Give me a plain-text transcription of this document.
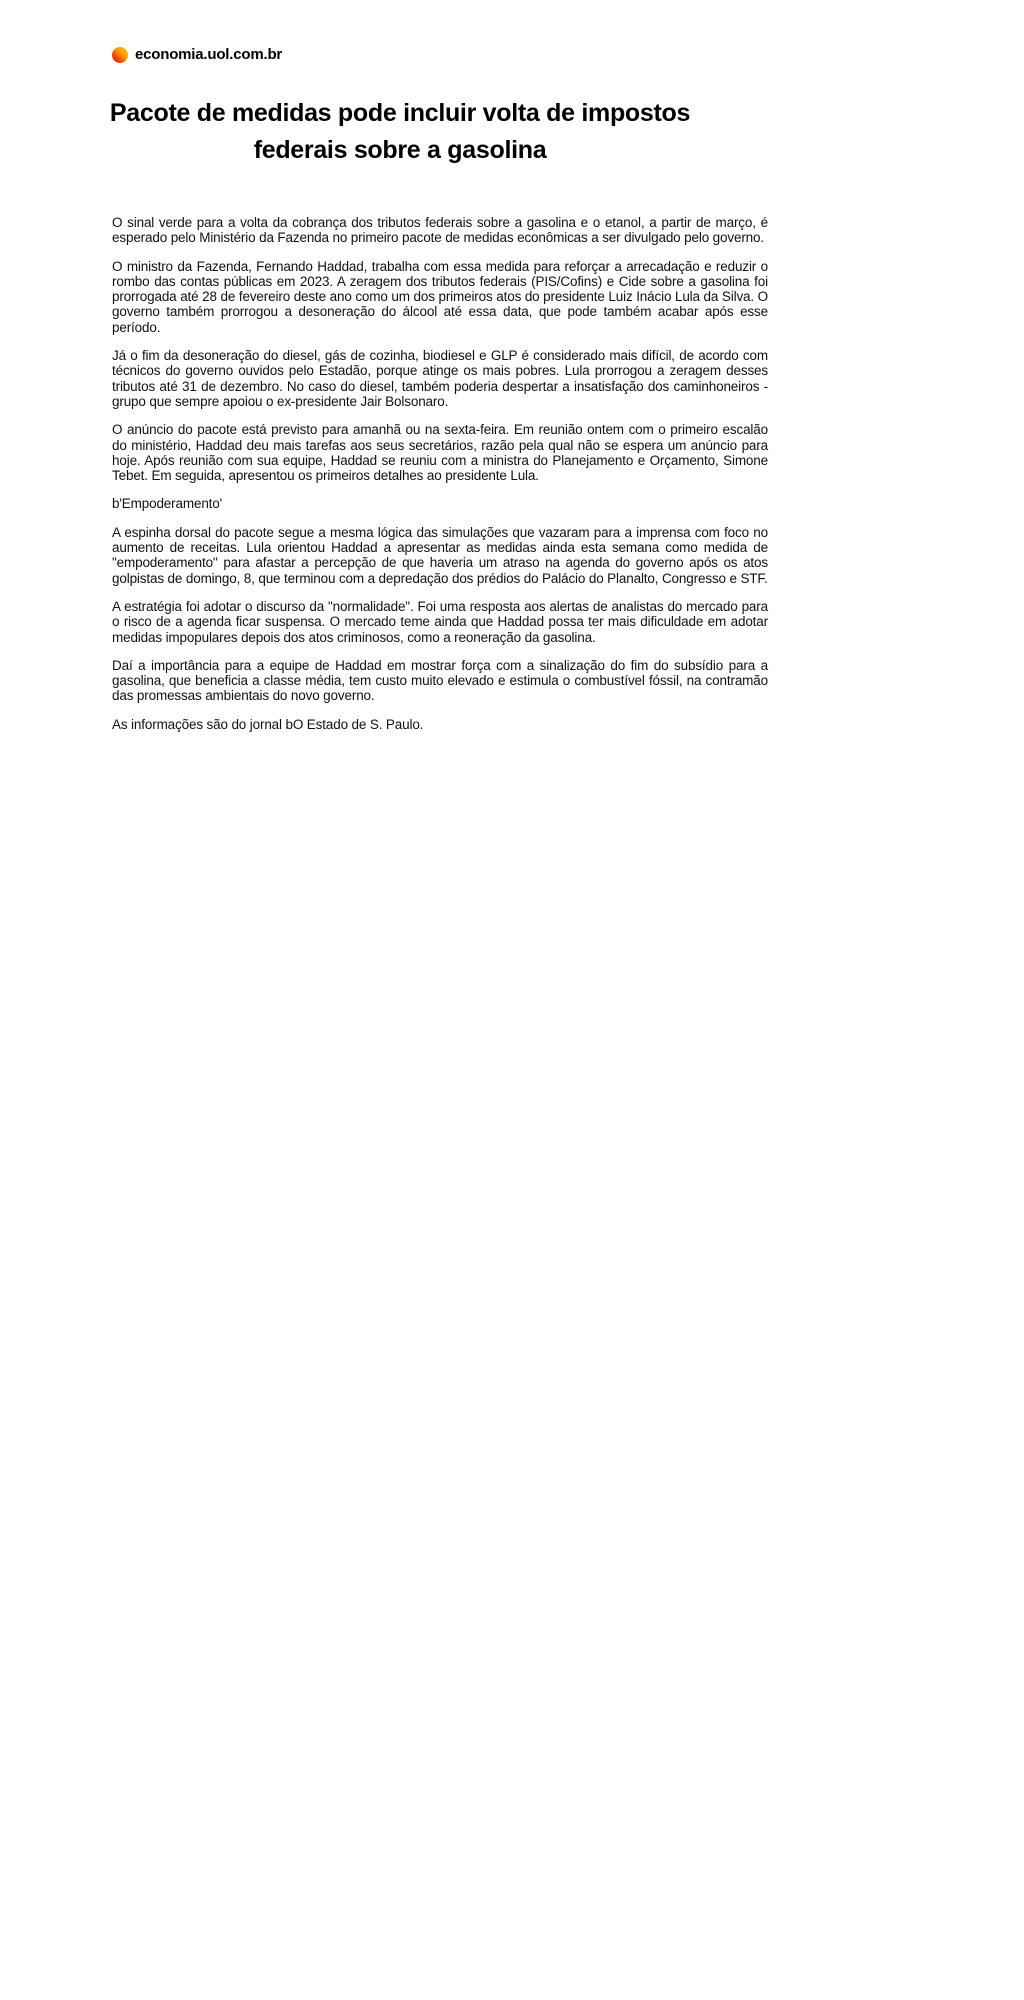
economia.uol.com.br
Pacote de medidas pode incluir volta de impostos federais sobre a gasolina

O sinal verde para a volta da cobrança dos tributos federais sobre a gasolina e o etanol, a partir de março, é esperado pelo Ministério da Fazenda no primeiro pacote de medidas econômicas a ser divulgado pelo governo.

O ministro da Fazenda, Fernando Haddad, trabalha com essa medida para reforçar a arrecadação e reduzir o rombo das contas públicas em 2023. A zeragem dos tributos federais (PIS/Cofins) e Cide sobre a gasolina foi prorrogada até 28 de fevereiro deste ano como um dos primeiros atos do presidente Luiz Inácio Lula da Silva. O governo também prorrogou a desoneração do álcool até essa data, que pode também acabar após esse período.

Já o fim da desoneração do diesel, gás de cozinha, biodiesel e GLP é considerado mais difícil, de acordo com técnicos do governo ouvidos pelo Estadão, porque atinge os mais pobres. Lula prorrogou a zeragem desses tributos até 31 de dezembro. No caso do diesel, também poderia despertar a insatisfação dos caminhoneiros - grupo que sempre apoiou o ex-presidente Jair Bolsonaro.

O anúncio do pacote está previsto para amanhã ou na sexta-feira. Em reunião ontem com o primeiro escalão do ministério, Haddad deu mais tarefas aos seus secretários, razão pela qual não se espera um anúncio para hoje. Após reunião com sua equipe, Haddad se reuniu com a ministra do Planejamento e Orçamento, Simone Tebet. Em seguida, apresentou os primeiros detalhes ao presidente Lula.

b'Empoderamento'

A espinha dorsal do pacote segue a mesma lógica das simulações que vazaram para a imprensa com foco no aumento de receitas. Lula orientou Haddad a apresentar as medidas ainda esta semana como medida de "empoderamento" para afastar a percepção de que haveria um atraso na agenda do governo após os atos golpistas de domingo, 8, que terminou com a depredação dos prédios do Palácio do Planalto, Congresso e STF.

A estratégia foi adotar o discurso da "normalidade". Foi uma resposta aos alertas de analistas do mercado para o risco de a agenda ficar suspensa. O mercado teme ainda que Haddad possa ter mais dificuldade em adotar medidas impopulares depois dos atos criminosos, como a reoneração da gasolina.

Daí a importância para a equipe de Haddad em mostrar força com a sinalização do fim do subsídio para a gasolina, que beneficia a classe média, tem custo muito elevado e estimula o combustível fóssil, na contramão das promessas ambientais do novo governo.

As informações são do jornal bO Estado de S. Paulo.
